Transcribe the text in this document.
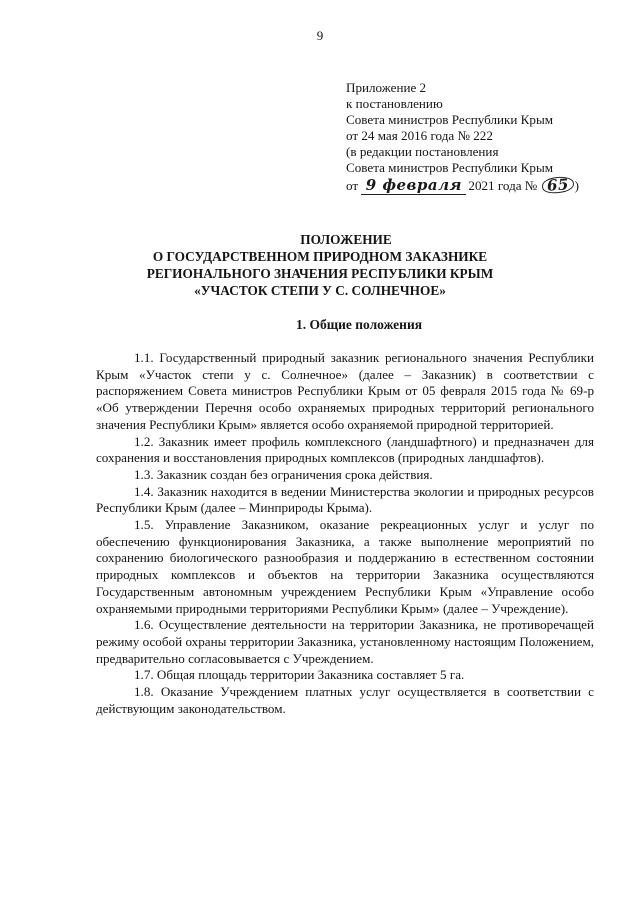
9
Приложение 2
к постановлению
Совета министров Республики Крым
от 24 мая 2016 года № 222
(в редакции постановления
Совета министров Республики Крым
от 9 февраля 2021 года № 65 )
ПОЛОЖЕНИЕ
О ГОСУДАРСТВЕННОМ ПРИРОДНОМ ЗАКАЗНИКЕ
РЕГИОНАЛЬНОГО ЗНАЧЕНИЯ РЕСПУБЛИКИ КРЫМ
«УЧАСТОК СТЕПИ У С. СОЛНЕЧНОЕ»
1. Общие положения

1.1. Государственный природный заказник регионального значения Республики Крым «Участок степи у с. Солнечное» (далее – Заказник) в соответствии с распоряжением Совета министров Республики Крым от 05 февраля 2015 года № 69-р «Об утверждении Перечня особо охраняемых природных территорий регионального значения Республики Крым» является особо охраняемой природной территорией.

1.2. Заказник имеет профиль комплексного (ландшафтного) и предназначен для сохранения и восстановления природных комплексов (природных ландшафтов).

1.3. Заказник создан без ограничения срока действия.

1.4. Заказник находится в ведении Министерства экологии и природных ресурсов Республики Крым (далее – Минприроды Крыма).

1.5. Управление Заказником, оказание рекреационных услуг и услуг по обеспечению функционирования Заказника, а также выполнение мероприятий по сохранению биологического разнообразия и поддержанию в естественном состоянии природных комплексов и объектов на территории Заказника осуществляются Государственным автономным учреждением Республики Крым «Управление особо охраняемыми природными территориями Республики Крым» (далее – Учреждение).

1.6. Осуществление деятельности на территории Заказника, не противоречащей режиму особой охраны территории Заказника, установленному настоящим Положением, предварительно согласовывается с Учреждением.

1.7. Общая площадь территории Заказника составляет 5 га.

1.8. Оказание Учреждением платных услуг осуществляется в соответствии с действующим законодательством.
